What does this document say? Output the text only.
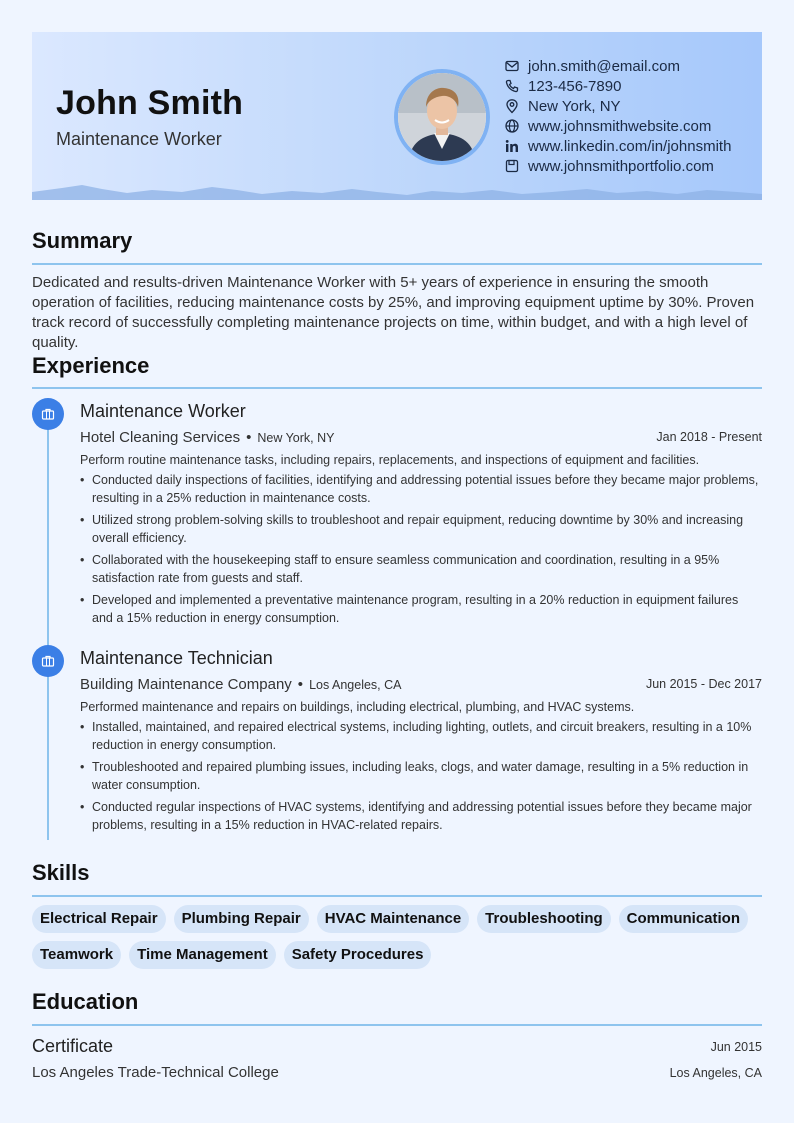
John Smith
Maintenance Worker
john.smith@email.com
123-456-7890
New York, NY
www.johnsmithwebsite.com
www.linkedin.com/in/johnsmith
www.johnsmithportfolio.com
Summary
Dedicated and results-driven Maintenance Worker with 5+ years of experience in ensuring the smooth operation of facilities, reducing maintenance costs by 25%, and improving equipment uptime by 30%. Proven track record of successfully completing maintenance projects on time, within budget, and with a high level of quality.
Experience
Maintenance Worker
Hotel Cleaning Services • New York, NY	Jan 2018 - Present
Perform routine maintenance tasks, including repairs, replacements, and inspections of equipment and facilities.
• Conducted daily inspections of facilities, identifying and addressing potential issues before they became major problems, resulting in a 25% reduction in maintenance costs.
• Utilized strong problem-solving skills to troubleshoot and repair equipment, reducing downtime by 30% and increasing overall efficiency.
• Collaborated with the housekeeping staff to ensure seamless communication and coordination, resulting in a 95% satisfaction rate from guests and staff.
• Developed and implemented a preventative maintenance program, resulting in a 20% reduction in equipment failures and a 15% reduction in energy consumption.
Maintenance Technician
Building Maintenance Company • Los Angeles, CA	Jun 2015 - Dec 2017
Performed maintenance and repairs on buildings, including electrical, plumbing, and HVAC systems.
• Installed, maintained, and repaired electrical systems, including lighting, outlets, and circuit breakers, resulting in a 10% reduction in energy consumption.
• Troubleshooted and repaired plumbing issues, including leaks, clogs, and water damage, resulting in a 5% reduction in water consumption.
• Conducted regular inspections of HVAC systems, identifying and addressing potential issues before they became major problems, resulting in a 15% reduction in HVAC-related repairs.
Skills
Electrical Repair	Plumbing Repair	HVAC Maintenance	Troubleshooting	Communication
Teamwork	Time Management	Safety Procedures
Education
Certificate	Jun 2015
Los Angeles Trade-Technical College	Los Angeles, CA
